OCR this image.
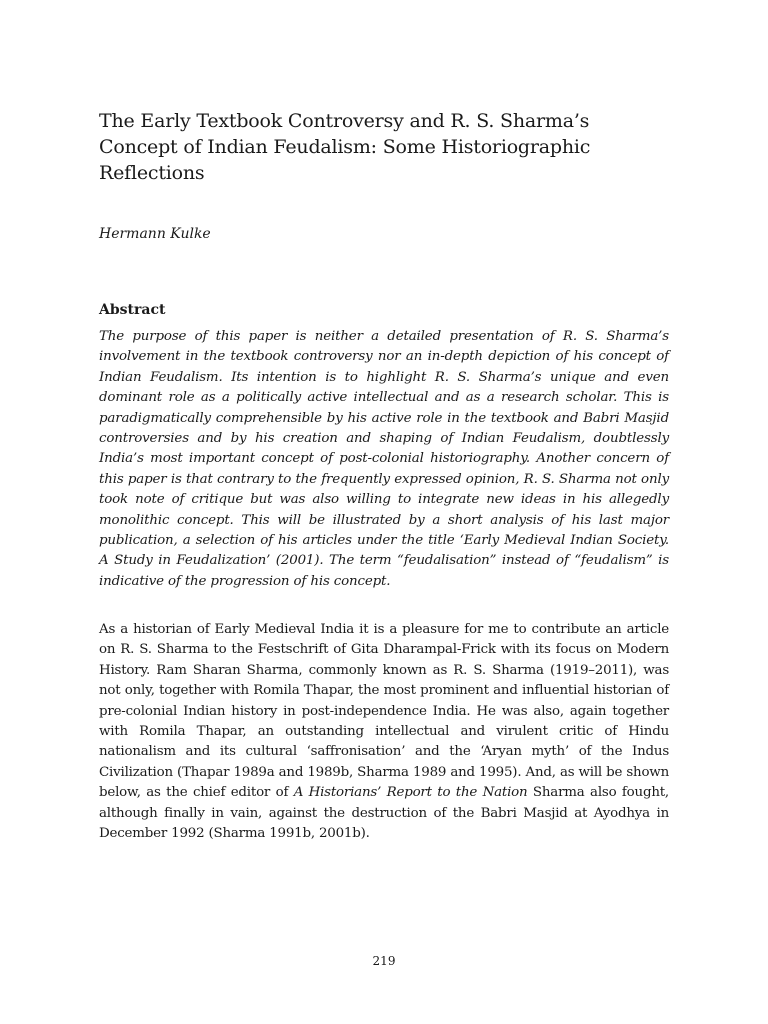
The Early Textbook Controversy and R. S. Sharma’s
Concept of Indian Feudalism: Some Historiographic
Reflections

Hermann Kulke

Abstract

The purpose of this paper is neither a detailed presentation of R. S. Sharma’s involvement in the textbook controversy nor an in-depth depiction of his concept of Indian Feudalism. Its intention is to highlight R. S. Sharma’s unique and even dominant role as a politically active intellectual and as a research scholar. This is paradigmatically comprehensible by his active role in the textbook and Babri Masjid controversies and by his creation and shaping of Indian Feudalism, doubtlessly India’s most important concept of post-colonial historiography. Another concern of this paper is that contrary to the frequently expressed opinion, R. S. Sharma not only took note of critique but was also willing to integrate new ideas in his allegedly monolithic concept. This will be illustrated by a short analysis of his last major publication, a selection of his articles under the title ‘Early Medieval Indian Society. A Study in Feudalization’ (2001). The term “feudalisation” instead of “feudalism” is indicative of the progression of his concept.

As a historian of Early Medieval India it is a pleasure for me to contribute an article on R. S. Sharma to the Festschrift of Gita Dharampal-Frick with its focus on Modern History. Ram Sharan Sharma, commonly known as R. S. Sharma (1919–2011), was not only, together with Romila Thapar, the most prominent and influential historian of pre-colonial Indian history in post-independence India. He was also, again together with Romila Thapar, an outstanding intellectual and virulent critic of Hindu nationalism and its cultural ‘saffronisation’ and the ‘Aryan myth’ of the Indus Civilization (Thapar 1989a and 1989b, Sharma 1989 and 1995). And, as will be shown below, as the chief editor of A Historians’ Report to the Nation Sharma also fought, although finally in vain, against the destruction of the Babri Masjid at Ayodhya in December 1992 (Sharma 1991b, 2001b).

219
